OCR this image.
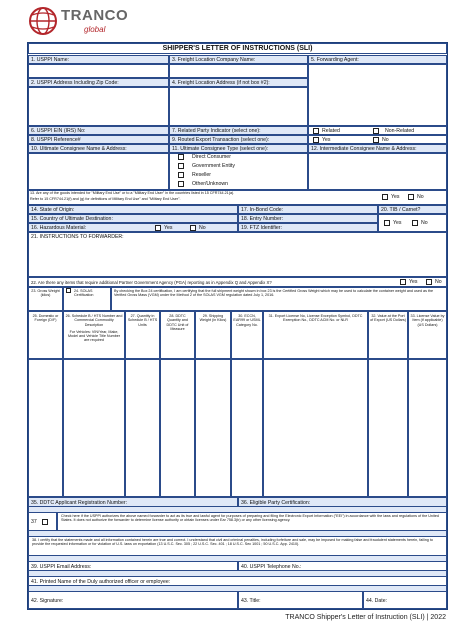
TRANCO
global
SHIPPER'S LETTER OF INSTRUCTIONS (SLI)
1. USPPI Name:	3. Freight Location Company Name:	5. Forwarding Agent:
2. USPPI Address Including Zip Code:	4. Freight Location Address (if not box #2):
6. USPPI EIN (IRS) No:	7. Related Party Indicator (select one):	Related	Non-Related
8. USPPI Reference#	9. Routed Export Transaction (select one):	Yes	No
10. Ultimate Consignee Name & Address:	11. Ultimate Consignee Type (select one):	12. Intermediate Consignee Name & Address:
Direct Consumer
Government Entity
Reseller
Other/Unknown
13. Are any of the goods intended for "Military End Use" or to a "Military End User" in the countries listed in 15 CFR744.21(a).
Refer to 15 CFR744.21(f) and (g) for definitions of Military End Use" and "Military End User".	Yes	No
14. State of Origin:	17. In-Bond Code:	20. TIB / Carnet?
15. Country of Ultimate Destination:	18. Entry Number:
Yes	No
16. Hazardous Material:	Yes	No	19. FTZ Identifier:
21. INSTRUCTIONS TO FORWARDER:
22. Are there any items that require additional Partner Government Agency (PGA) reporting as in Appendix Q and Appendix X?	Yes	No
23. Gross Weight (kilos)
24. SOLAS Certification
By checking the Box 24 certification, I am certifying that the full shipment weight shown in box 23 is the Certified Gross Weight which may be used to calculate the container weight and used as the Verified Gross Mass (VGM) under the Method 2 of the SOLAS VGM regulation dated July 1, 2016.
25. Domestic or Foreign (D/F)
26. Schedule B / HTS Number and Commercial Commodity Description
For Vehicles: VIN/Year, Make, Model and Vehicle Title Number are required
27. Quantity in Schedule B / HTS Units
28. DDTC Quantity and DDTC Unit of Measure
29. Shipping Weight (in Kilos)
30. ECCN, EAR99 or USML Category No.
31. Export License No, License Exception Symbol, DDTC Exemption No., DDTC ACM No. or NLR
32. Value at the Port of Export (US Dollars)
33. License Value by Item (if applicable) (US Dollars)
35. DDTC Applicant Registration Number:	36. Eligible Party Certification:
37
Check here if the USPPI authorizes the above named forwarder to act as its true and lawful agent for purposes of preparing and filing the Electronic Export Information ("EEI") in accordance with the laws and regulations of the United States. It does not authorize the forwarder to determine license authority or obtain licenses under Ear 758.3(b) or any other licensing agency.
38. I certify that the statements made and all information contained herein are true and correct. I understand that civil and criminal penalties, including forfeiture and sale, may be imposed for making false and fraudulent statements herein, failing to provide the requested information or for violation of U.S. laws on exportation (13 U.S.C. Sec. 305 ; 22 U.S.C. Sec. 401 ; 18 U.S.C. Sec 1001 ; 50 U.S.C. App. 2410).
39. USPPI Email Address:	40. USPPI Telephone No.:
41. Printed Name of the Duly authorized officer or employee:
42. Signature:	43. Title:	44. Date:
TRANCO Shipper's Letter of Instruction (SLI) | 2022
